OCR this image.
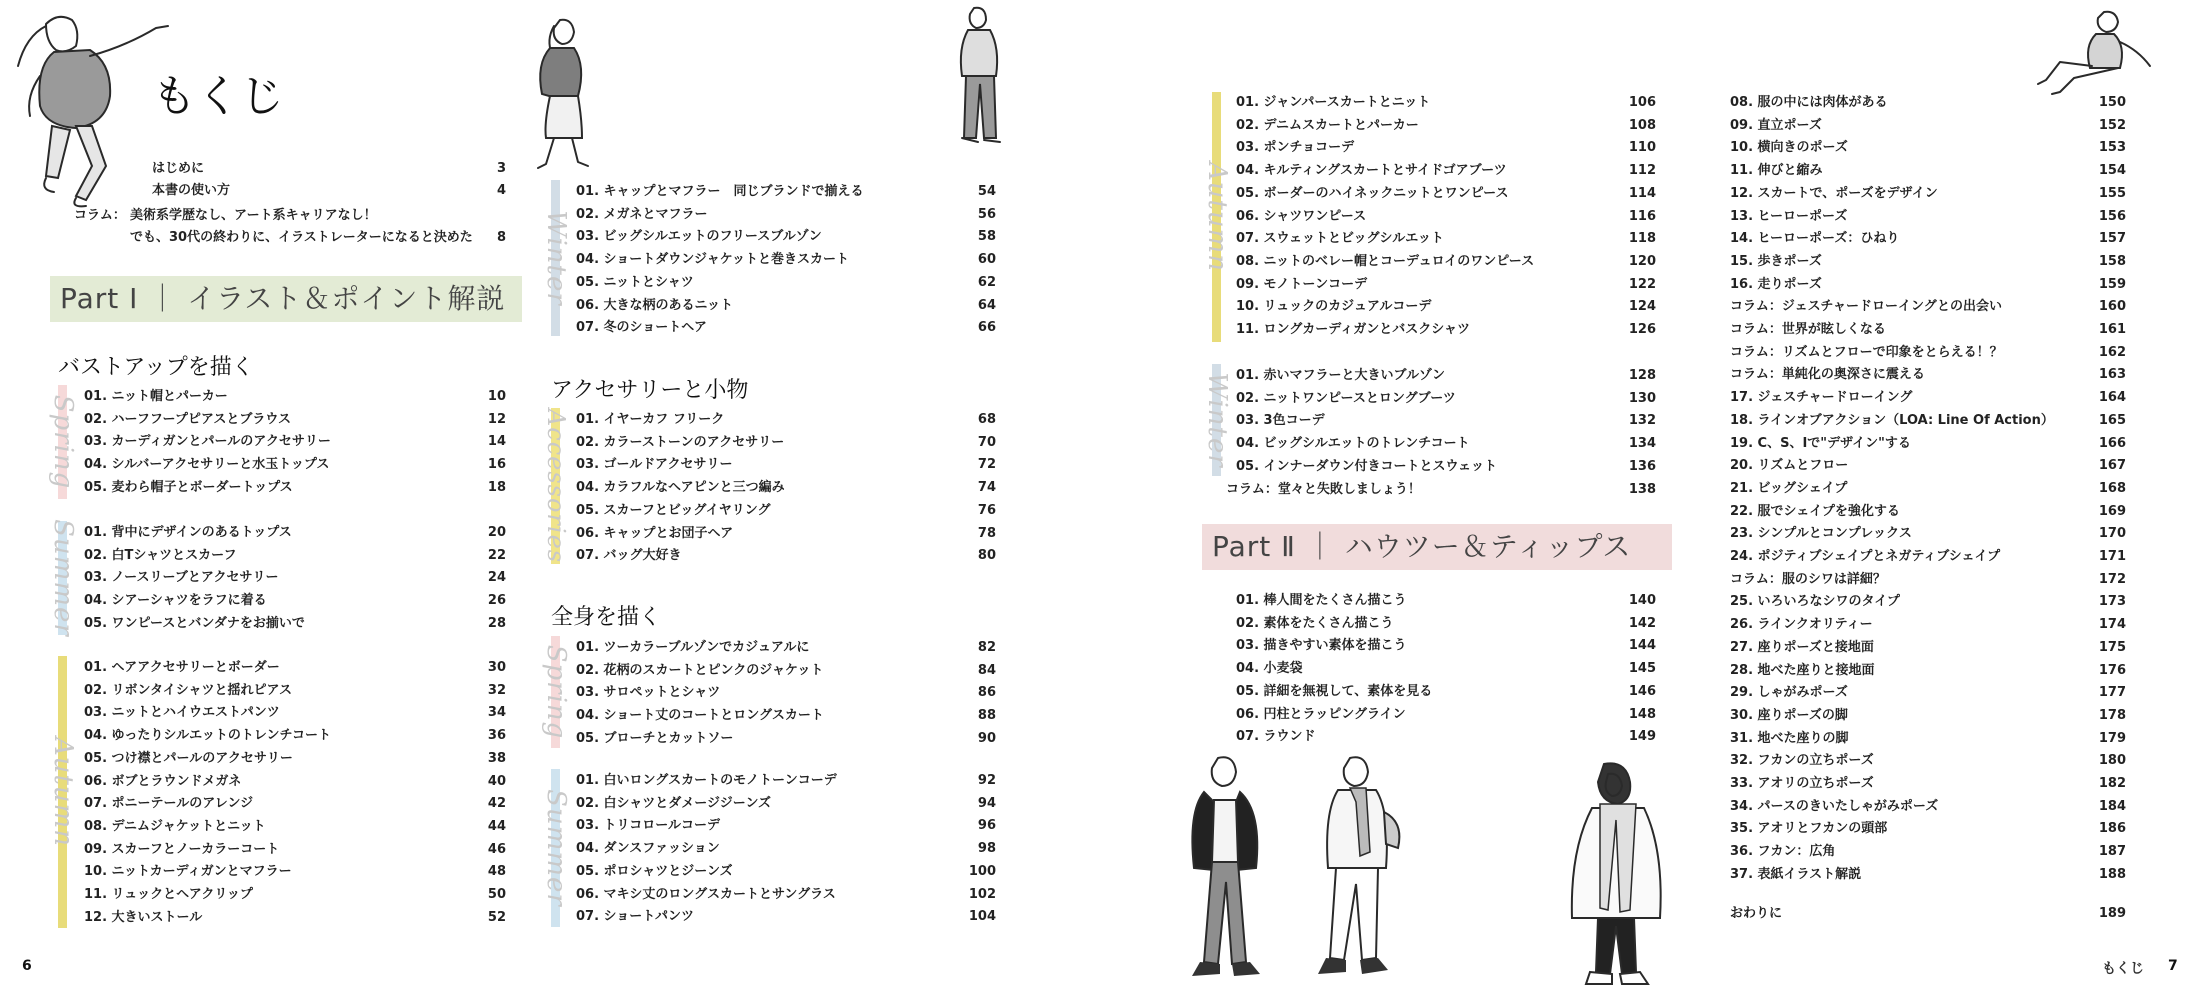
もくじ
はじめに	3
本書の使い方	4
コラム： 美術系学歴なし、アート系キャリアなし！
でも、30代の終わりに、イラストレーターになると決めた 8
Part Ⅰ ｜ イラスト＆ポイント解説
バストアップを描く
Spring 01. ニット帽とパーカー	10
02. ハーフフープピアスとブラウス	12
03. カーディガンとパールのアクセサリー	14
04. シルバーアクセサリーと水玉トップス	16
05. 麦わら帽子とボーダートップス	18
Summer 01. 背中にデザインのあるトップス	20
02. 白Tシャツとスカーフ	22
03. ノースリーブとアクセサリー	24
04. シアーシャツをラフに着る	26
05. ワンピースとバンダナをお揃いで	28
Autumn
01. ヘアアクセサリーとボーダー	30
02. リボンタイシャツと揺れピアス	32
03. ニットとハイウエストパンツ	34
04. ゆったりシルエットのトレンチコート	36
05. つけ襟とパールのアクセサリー	38
06. ボブとラウンドメガネ	40
07. ポニーテールのアレンジ	42
08. デニムジャケットとニット	44
09. スカーフとノーカラーコート	46
10. ニットカーディガンとマフラー	48
11. リュックとヘアクリップ	50
12. 大きいストール	52
6
Winter
01. キャップとマフラー　同じブランドで揃える	54
02. メガネとマフラー	56
03. ビッグシルエットのフリースブルゾン	58
04. ショートダウンジャケットと巻きスカート	60
05. ニットとシャツ	62
06. 大きな柄のあるニット	64
07. 冬のショートヘア	66
アクセサリーと小物
Accessories 01. イヤーカフ フリーク	68
02. カラーストーンのアクセサリー	70
03. ゴールドアクセサリー	72
04. カラフルなヘアピンと三つ編み	74
05. スカーフとビッグイヤリング	76
06. キャップとお団子ヘア	78
07. バッグ大好き	80
全身を描く
Spring 01. ツーカラーブルゾンでカジュアルに	82
02. 花柄のスカートとピンクのジャケット	84
03. サロペットとシャツ	86
04. ショート丈のコートとロングスカート	88
05. ブローチとカットソー	90
Summer
01. 白いロングスカートのモノトーンコーデ	92
02. 白シャツとダメージジーンズ	94
03. トリコロールコーデ	96
04. ダンスファッション	98
05. ポロシャツとジーンズ	100
06. マキシ丈のロングスカートとサングラス	102
07. ショートパンツ	104
Autumn
01. ジャンパースカートとニット	106
02. デニムスカートとパーカー	108
03. ポンチョコーデ	110
04. キルティングスカートとサイドゴアブーツ	112
05. ボーダーのハイネックニットとワンピース	114
06. シャツワンピース	116
07. スウェットとビッグシルエット	118
08. ニットのベレー帽とコーデュロイのワンピース	120
09. モノトーンコーデ	122
10. リュックのカジュアルコーデ	124
11. ロングカーディガンとバスクシャツ	126
Winter 01. 赤いマフラーと大きいブルゾン	128
02. ニットワンピースとロングブーツ	130
03. 3色コーデ	132
04. ビッグシルエットのトレンチコート	134
05. インナーダウン付きコートとスウェット	136
コラム：堂々と失敗しましょう！	138
Part Ⅱ ｜ ハウツー＆ティップス
01. 棒人間をたくさん描こう	140
02. 素体をたくさん描こう	142
03. 描きやすい素体を描こう	144
04. 小麦袋	145
05. 詳細を無視して、素体を見る	146
06. 円柱とラッピングライン	148
07. ラウンド	149
08. 服の中には肉体がある	150
09. 直立ポーズ	152
10. 横向きのポーズ	153
11. 伸びと縮み	154
12. スカートで、ポーズをデザイン	155
13. ヒーローポーズ	156
14. ヒーローポーズ：ひねり	157
15. 歩きポーズ	158
16. 走りポーズ	159
コラム：ジェスチャードローイングとの出会い	160
コラム：世界が眩しくなる	161
コラム：リズムとフローで印象をとらえる！？	162
コラム：単純化の奥深さに震える	163
17. ジェスチャードローイング	164
18. ラインオブアクション（LOA: Line Of Action）	165
19. C、S、Iで"デザイン"する	166
20. リズムとフロー	167
21. ビッグシェイプ	168
22. 服でシェイプを強化する	169
23. シンプルとコンプレックス	170
24. ポジティブシェイプとネガティブシェイプ	171
コラム：服のシワは詳細？	172
25. いろいろなシワのタイプ	173
26. ラインクオリティー	174
27. 座りポーズと接地面	175
28. 地べた座りと接地面	176
29. しゃがみポーズ	177
30. 座りポーズの脚	178
31. 地べた座りの脚	179
32. フカンの立ちポーズ	180
33. アオリの立ちポーズ	182
34. パースのきいたしゃがみポーズ	184
35. アオリとフカンの頭部	186
36. フカン：広角	187
37. 表紙イラスト解説	188
おわりに	189
もくじ 7
